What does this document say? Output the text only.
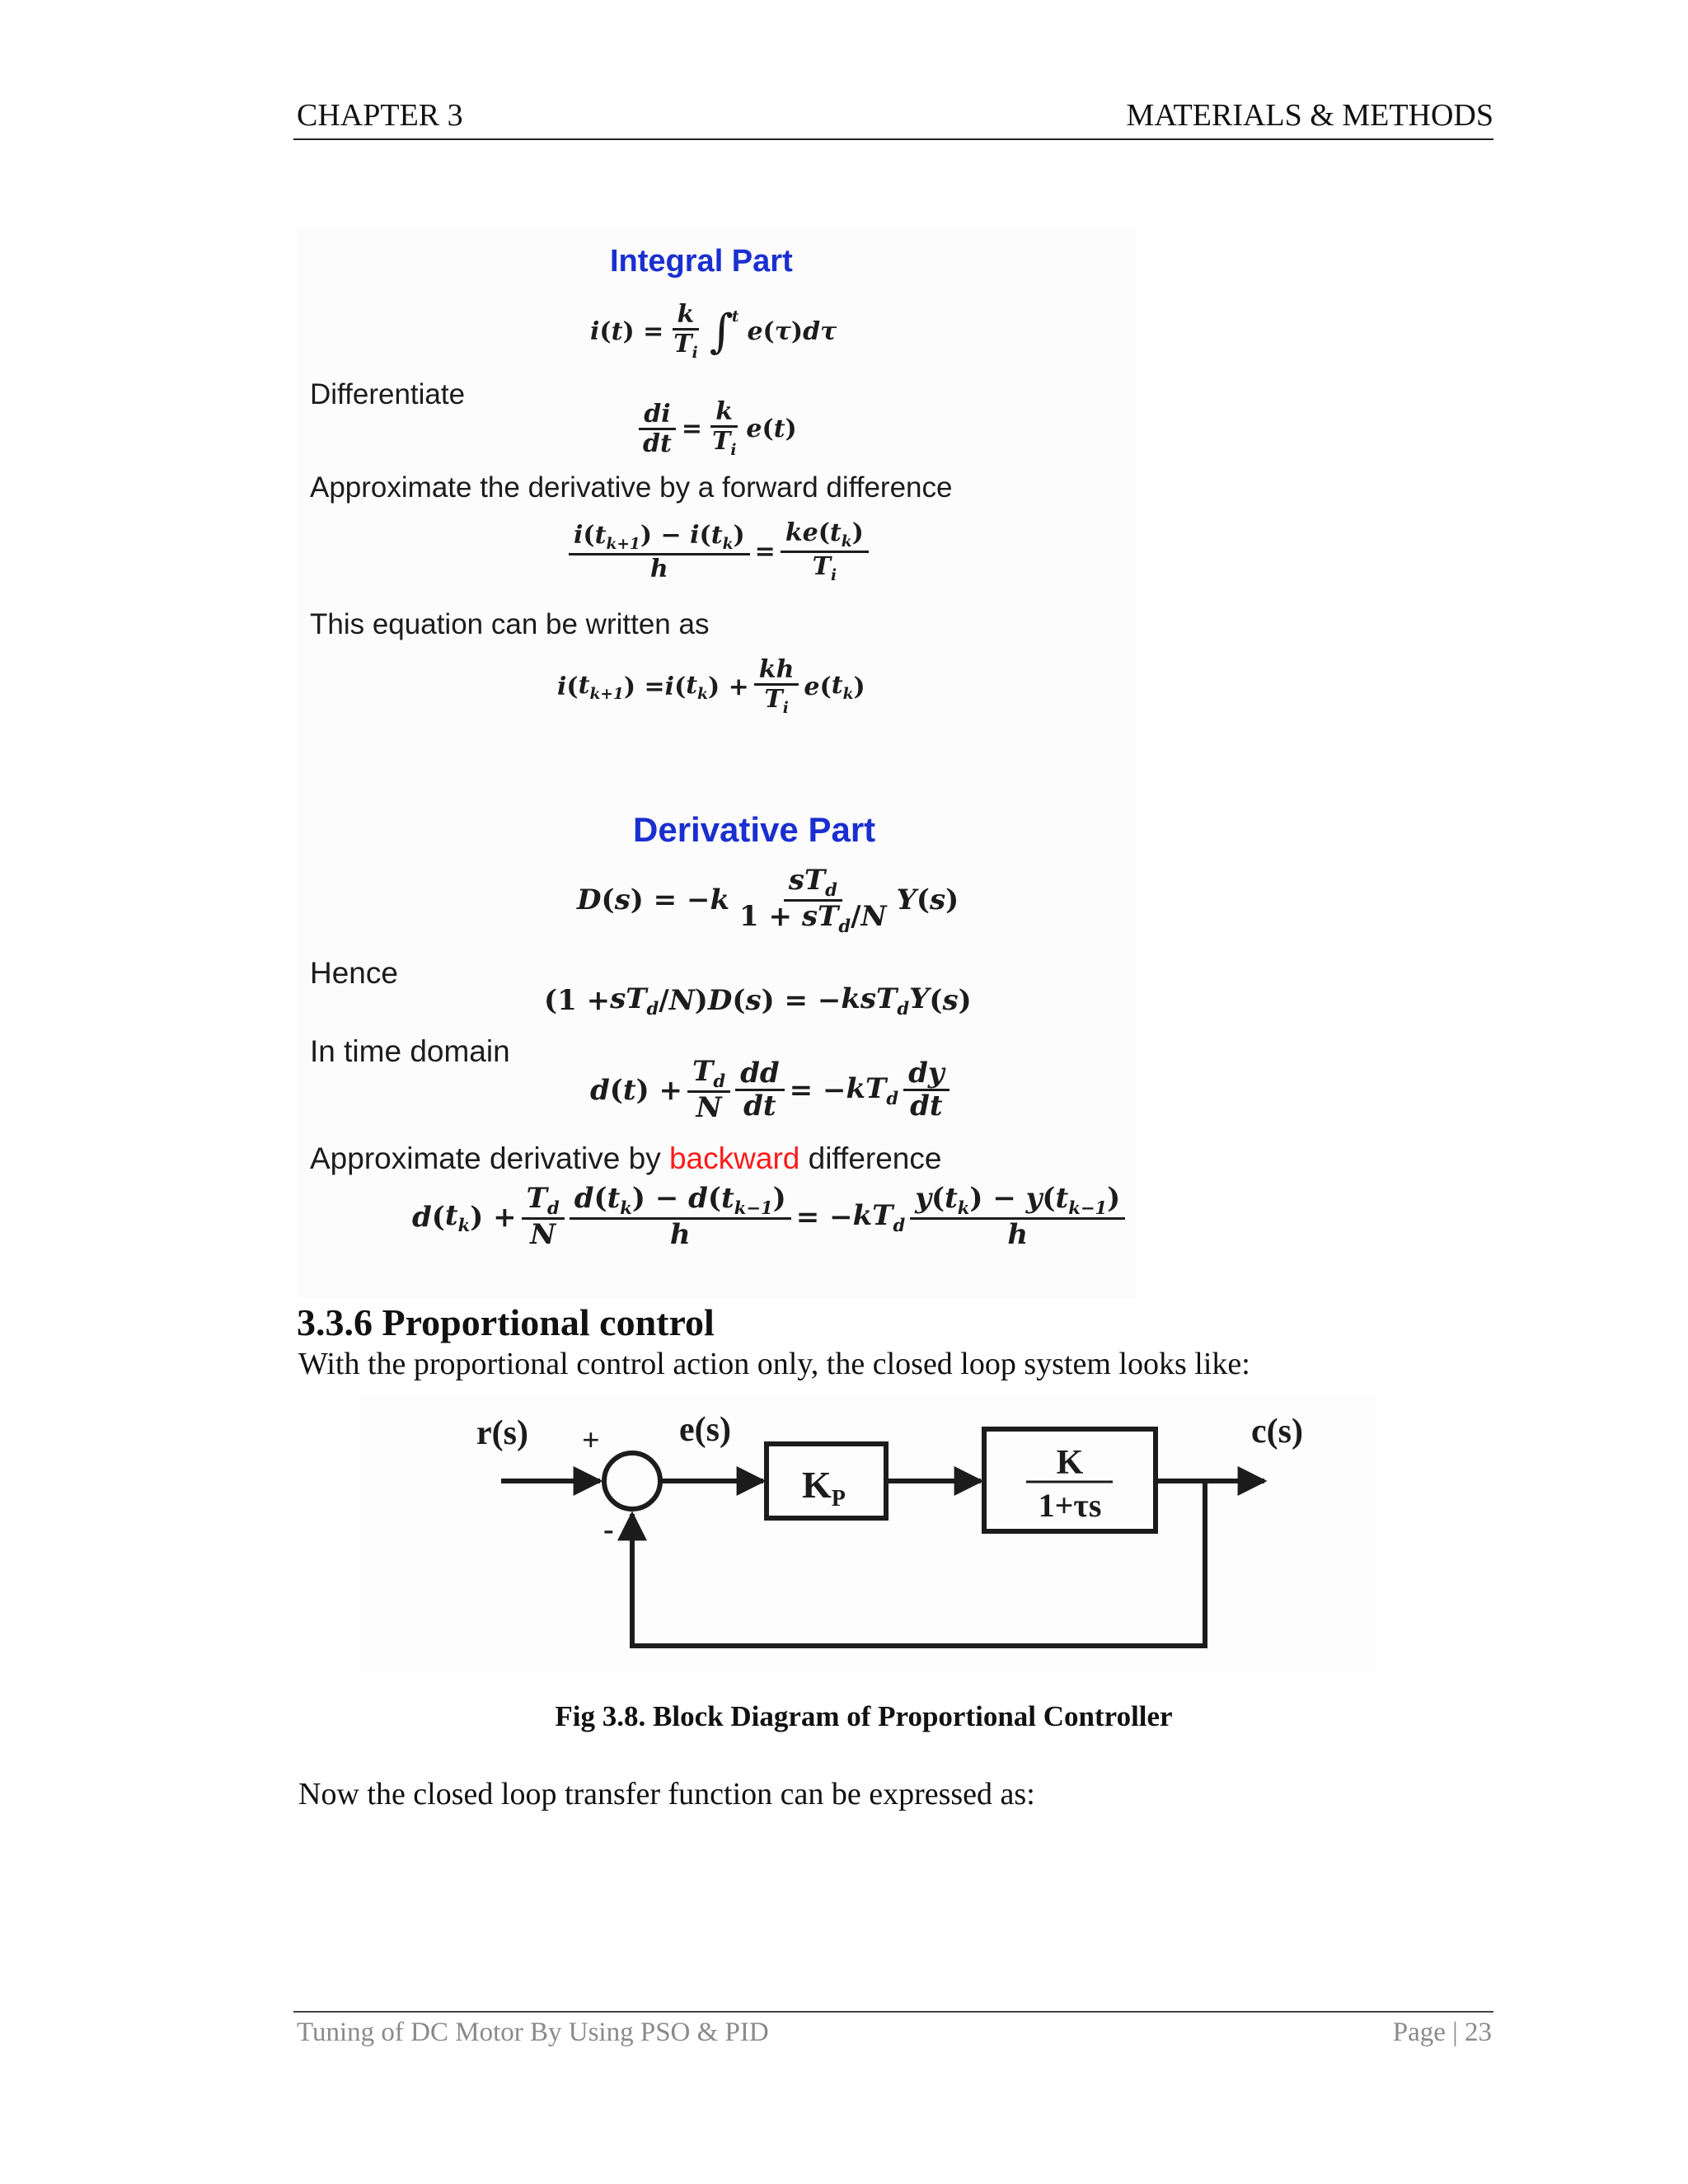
CHAPTER 3	MATERIALS & METHODS
Integral Part
i ( t ) = $\frac{k}{T_i}$ ∫
t
e ( τ ) dτ
Differentiate
$\frac{di}{dt} = \frac{k}{T_i}$ e ( t )
Approximate the derivative by a forward difference
$\frac{i(t_{k+1}) - i(t_k)}{h} = \frac{ke(t_k)}{T_i}$
This equation can be written as
i ( $t_{k+1}$ ) = i ( $t_k$ ) + $\frac{kh}{T_i}$ e ( $t_k$ )
Derivative Part
D ( s ) = − k $\frac{sT_d}{1 + sT_d/N}$ Y ( s )
Hence
($1 + sT_d / N$ ) D ( s ) = − ksT$_d$Y ( s )
In time domain
d ( t ) + $\frac{T_d}{N} \frac{dd}{dt}$ = − $kT_d \frac{dy}{dt}$
Approximate derivative by backward difference
d ( $t_k$ ) + $\frac{T_d}{N} \frac{d(t_k) - d(t_{k-1})}{h}$ = − $kT_d \frac{y(t_k) - y(t_{k-1})}{h}$
3.3.6 Proportional control
With the proportional control action only, the closed loop system looks like:
r(s) + e(s)
-
$K_P$
K
1+τs
c(s)
Fig 3.8. Block Diagram of Proportional Controller
Now the closed loop transfer function can be expressed as:
Tuning of DC Motor By Using PSO & PID	Page | 23
